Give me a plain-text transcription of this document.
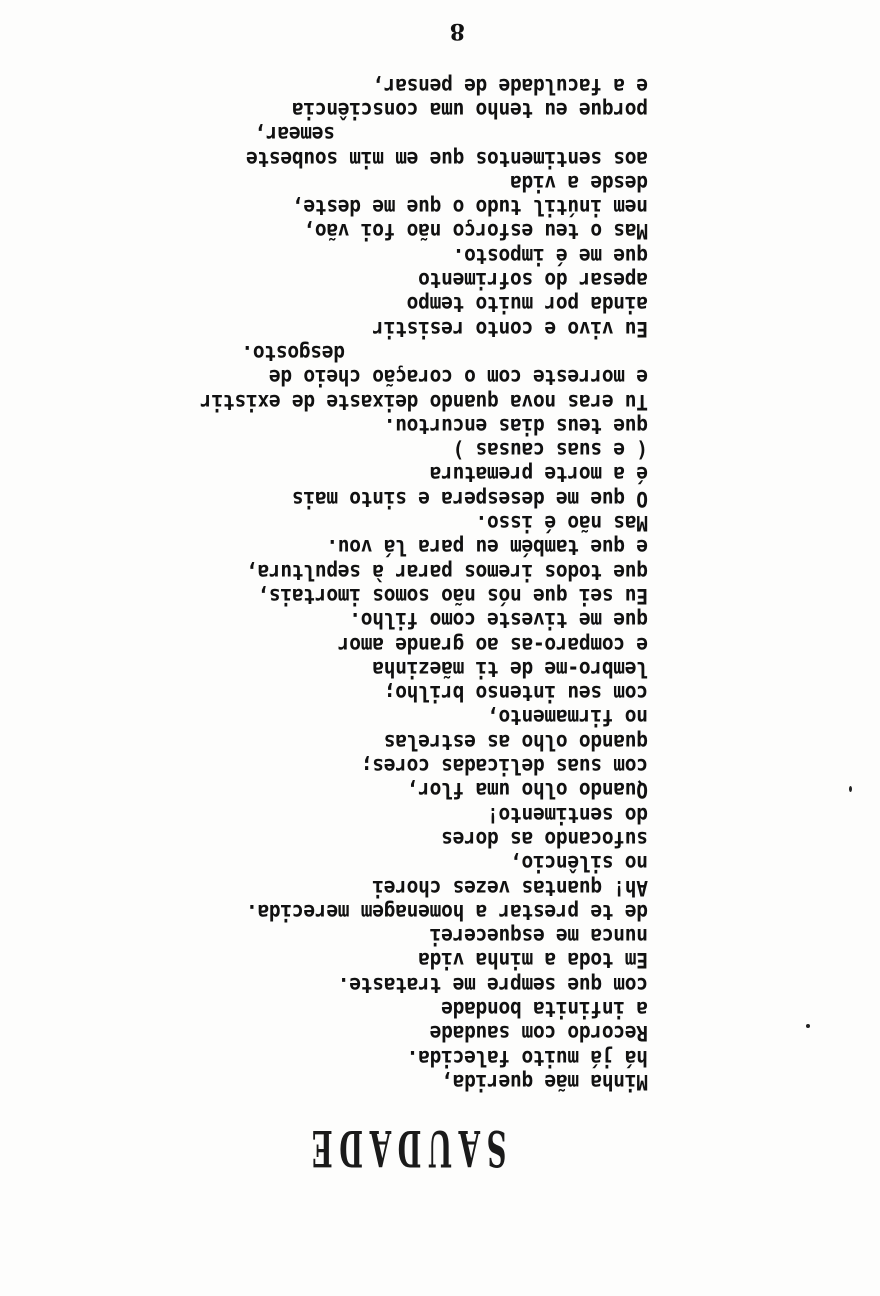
SAUDADE
Minha mãe querida,
há já muito falecida.
Recordo com saudade
a infinita bondade
com que sempre me trataste.
Em toda a minha vida
nunca me esquecerei
de te prestar a homenagem merecida.
Ah! quantas vezes chorei
no silêncio,
sufocando as dores
do sentimento!
Quando olho uma flor,
com suas delicadas cores;
quando olho as estrelas
no firmamento,
com seu intenso brilho;
lembro-me de ti mãezinha
e comparo-as ao grande amor
que me tiveste como filho.
Eu sei que nós não somos imortais,
que todos iremos parar à sepultura,
e que também eu para lá vou.
Mas não é isso.
O que me desespera e sinto mais
é a morte prematura
( e suas causas )
que teus dias encurtou.
Tu eras nova quando deixaste de existir
e morreste com o coração cheio de
desgosto.
Eu vivo e conto resistir
ainda por muito tempo
apesar do sofrimento
que me é imposto.
Mas o teu esforço não foi vão,
nem inútil tudo o que me deste,
desde a vida
aos sentimentos que em mim soubeste
semear,
porque eu tenho uma consciência
e a faculdade de pensar,
8
